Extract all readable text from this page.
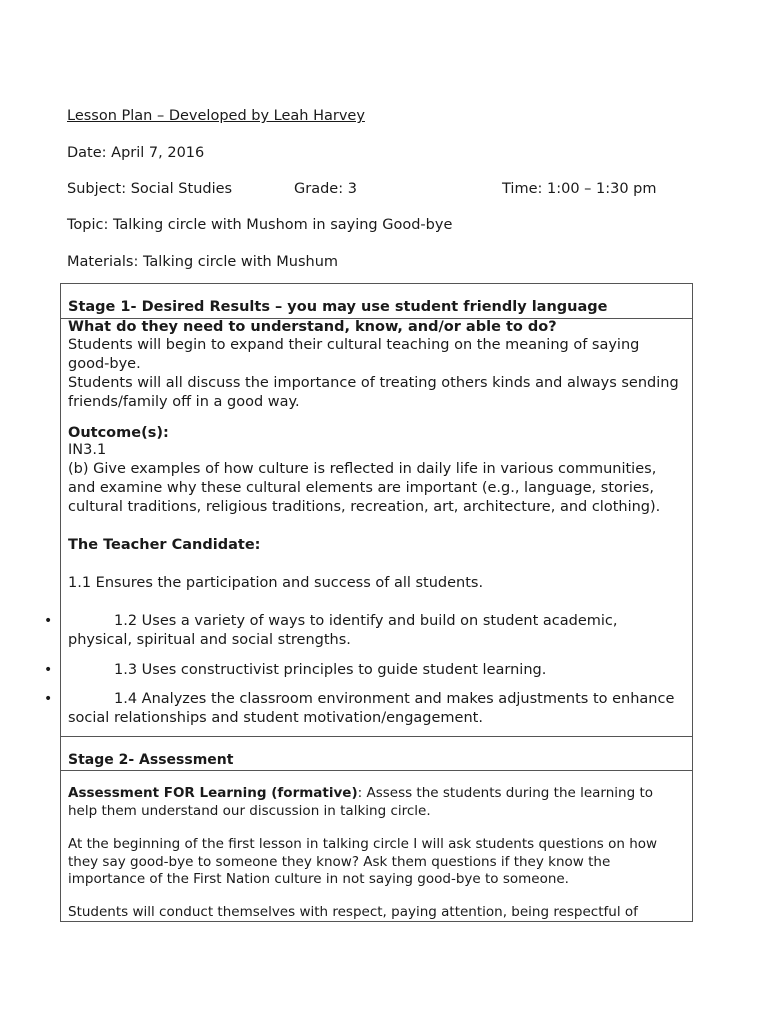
Lesson Plan – Developed by Leah Harvey
Date: April 7, 2016
Subject: Social Studies	Grade: 3	Time: 1:00 – 1:30 pm
Topic: Talking circle with Mushom in saying Good-bye
Materials: Talking circle with Mushum
Stage 1- Desired Results – you may use student friendly language
What do they need to understand, know, and/or able to do?
Students will begin to expand their cultural teaching on the meaning of saying good-bye.
Students will all discuss the importance of treating others kinds and always sending friends/family off in a good way.
Outcome(s):
IN3.1
(b) Give examples of how culture is reflected in daily life in various communities, and examine why these cultural elements are important (e.g., language, stories, cultural traditions, religious traditions, recreation, art, architecture, and clothing).
The Teacher Candidate:
1.1 Ensures the participation and success of all students.
1.2 Uses a variety of ways to identify and build on student academic, physical, spiritual and social strengths.
1.3 Uses constructivist principles to guide student learning.
1.4 Analyzes the classroom environment and makes adjustments to enhance social relationships and student motivation/engagement.
•
•
•
Stage 2- Assessment
Assessment FOR Learning (formative): Assess the students during the learning to help them understand our discussion in talking circle.
At the beginning of the first lesson in talking circle I will ask students questions on how they say good-bye to someone they know? Ask them questions if they know the importance of the First Nation culture in not saying good-bye to someone.
Students will conduct themselves with respect, paying attention, being respectful of
